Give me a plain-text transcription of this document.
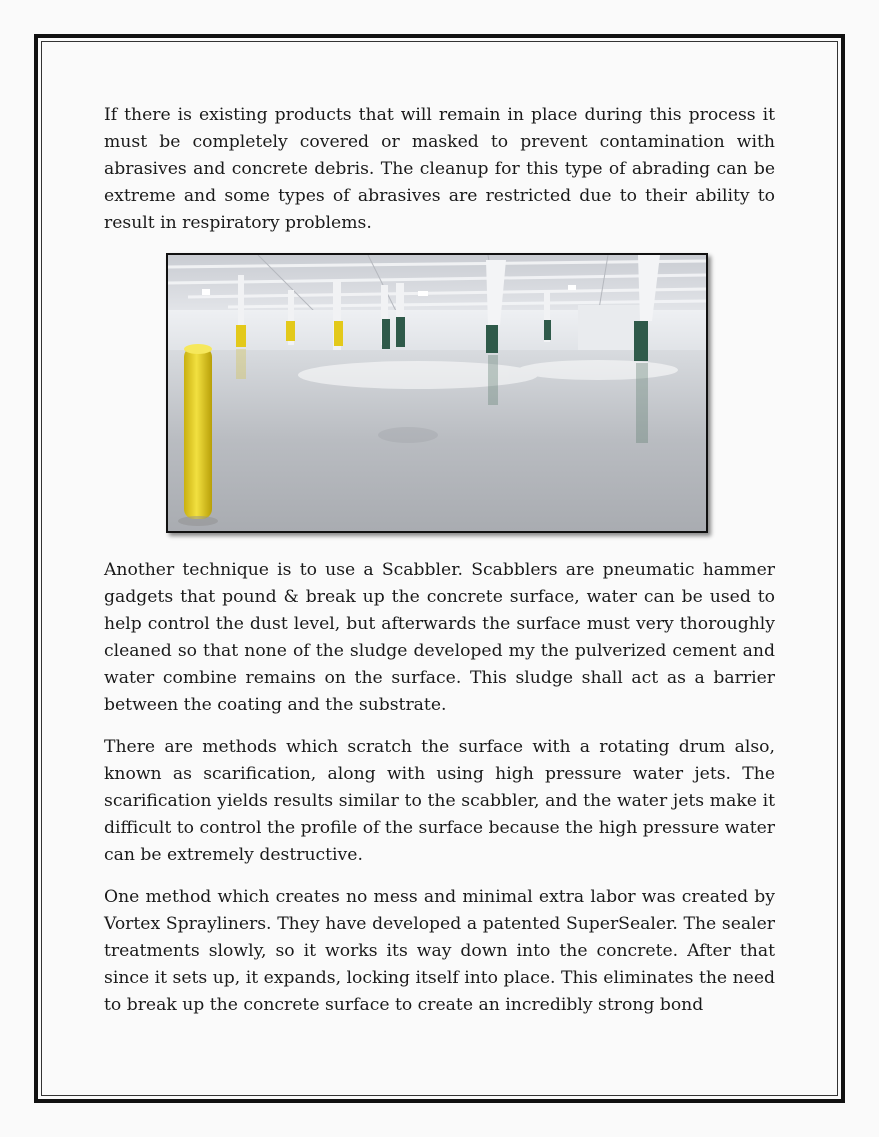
If there is existing products that will remain in place during this process it must be completely covered or masked to prevent contamination with abrasives and concrete debris. The cleanup for this type of abrading can be extreme and some types of abrasives are restricted due to their ability to result in respiratory problems.

Another technique is to use a Scabbler. Scabblers are pneumatic hammer gadgets that pound & break up the concrete surface, water can be used to help control the dust level, but afterwards the surface must very thoroughly cleaned so that none of the sludge developed my the pulverized cement and water combine remains on the surface. This sludge shall act as a barrier between the coating and the substrate.

There are methods which scratch the surface with a rotating drum also, known as scarification, along with using high pressure water jets. The scarification yields results similar to the scabbler, and the water jets make it difficult to control the profile of the surface because the high pressure water can be extremely destructive.

One method which creates no mess and minimal extra labor was created by Vortex Sprayliners. They have developed a patented SuperSealer. The sealer treatments slowly, so it works its way down into the concrete. After that since it sets up, it expands, locking itself into place. This eliminates the need to break up the concrete surface to create an incredibly strong bond
